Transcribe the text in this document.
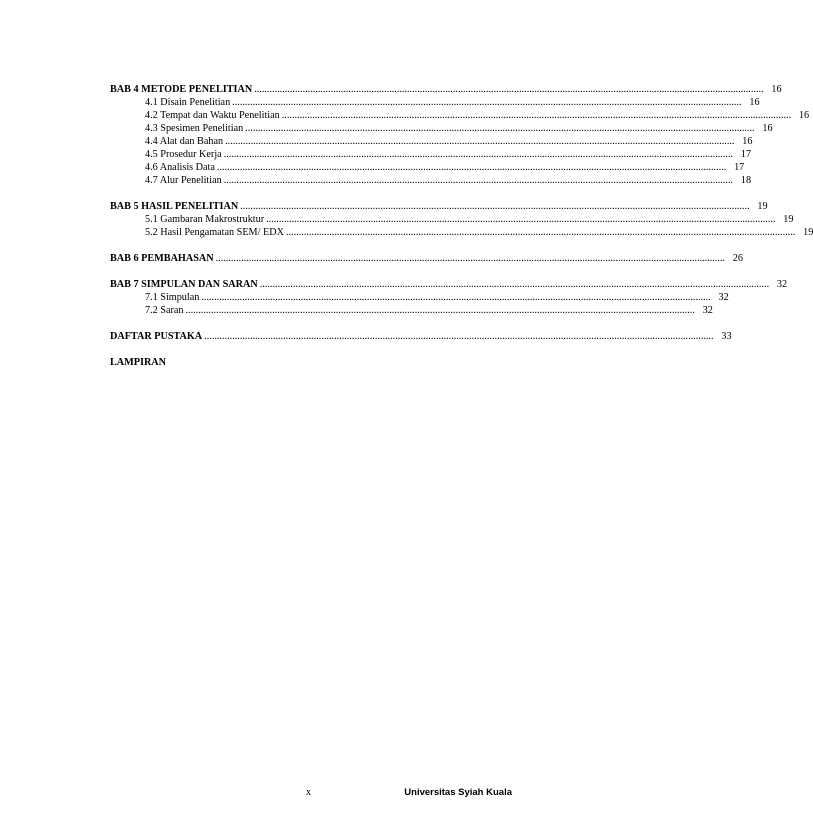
BAB 4 METODE PENELITIAN ........................................................................................................................................................................................................ 16
4.1 Disain Penelitian ........................................................................................................................................................................................................ 16
4.2 Tempat dan Waktu Penelitian ........................................................................................................................................................................................................ 16
4.3 Spesimen Penelitian ........................................................................................................................................................................................................ 16
4.4 Alat dan Bahan ........................................................................................................................................................................................................ 16
4.5 Prosedur Kerja ........................................................................................................................................................................................................ 17
4.6 Analisis Data ........................................................................................................................................................................................................ 17
4.7 Alur Penelitian ........................................................................................................................................................................................................ 18
BAB 5 HASIL PENELITIAN ........................................................................................................................................................................................................ 19
5.1 Gambaran Makrostruktur ........................................................................................................................................................................................................ 19
5.2 Hasil Pengamatan SEM/ EDX ........................................................................................................................................................................................................ 19
BAB 6 PEMBAHASAN ........................................................................................................................................................................................................ 26
BAB 7 SIMPULAN DAN SARAN ........................................................................................................................................................................................................ 32
7.1 Simpulan ........................................................................................................................................................................................................ 32
7.2 Saran ........................................................................................................................................................................................................ 32
DAFTAR PUSTAKA ........................................................................................................................................................................................................ 33
LAMPIRAN
x	Universitas Syiah Kuala
